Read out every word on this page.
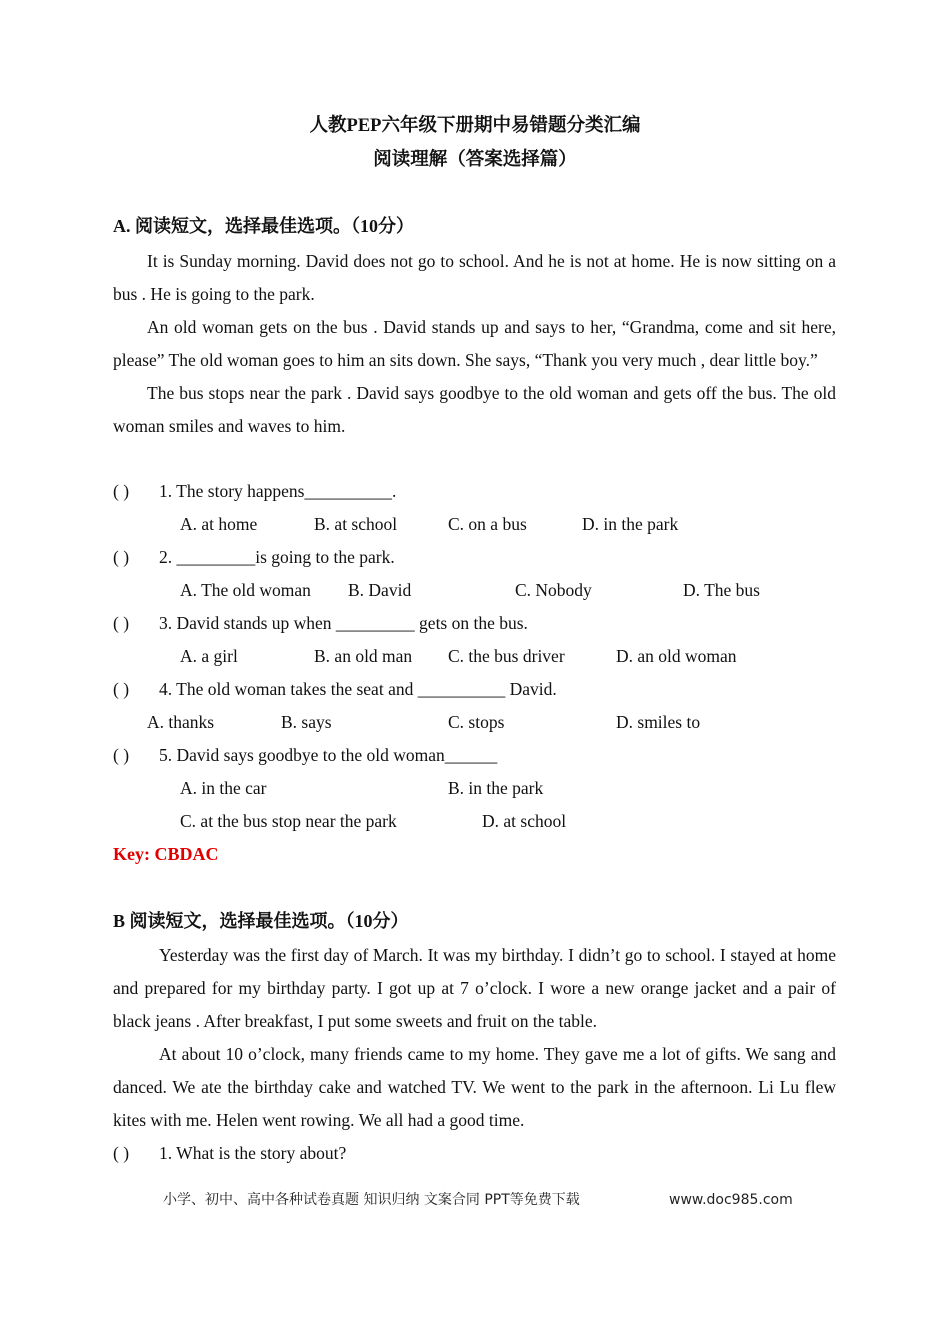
人教PEP六年级下册期中易错题分类汇编
阅读理解（答案选择篇）
A. 阅读短文，选择最佳选项。（10分）
It is Sunday morning. David does not go to school. And he is not at home. He is now sitting on a bus . He is going to the park.
An old woman gets on the bus . David stands up and says to her, “Grandma, come and sit here, please” The old woman goes to him an sits down. She says, “Thank you very much , dear little boy.”
The bus stops near the park . David says goodbye to the old woman and gets off the bus. The old woman smiles and waves to him.
( ) 1. The story happens__________.
A. at home	B. at school	C. on a bus	D. in the park
( ) 2. _________is going to the park.
A. The old woman B. David	C. Nobody	D. The bus
( ) 3. David stands up when _________ gets on the bus.
A. a girl	B. an old man C. the bus driver	D. an old woman
( ) 4. The old woman takes the seat and __________ David.
A. thanks	B. says	C. stops	D. smiles to
( ) 5. David says goodbye to the old woman______
A. in the car	B. in the park
C. at the bus stop near the park	D. at school
Key: CBDAC
B 阅读短文，选择最佳选项。（10分）
Yesterday was the first day of March. It was my birthday. I didn’t go to school. I stayed at home and prepared for my birthday party. I got up at 7 o’clock. I wore a new orange jacket and a pair of black jeans . After breakfast, I put some sweets and fruit on the table.
At about 10 o’clock, many friends came to my home. They gave me a lot of gifts. We sang and danced. We ate the birthday cake and watched TV. We went to the park in the afternoon. Li Lu flew kites with me. Helen went rowing. We all had a good time.
( ) 1. What is the story about?
小学、初中、高中各种试卷真题 知识归纳 文案合同 PPT等免费下载	www.doc985.com
